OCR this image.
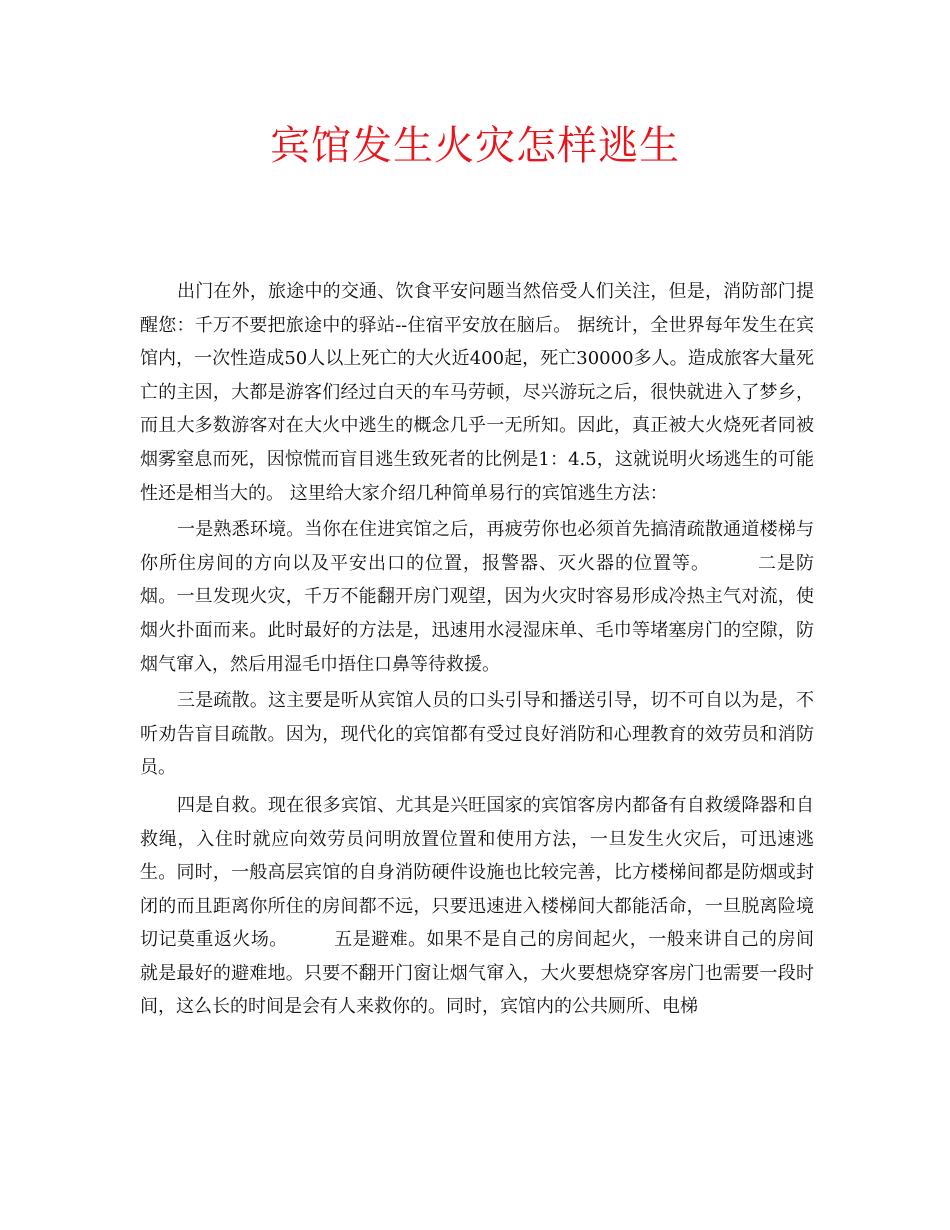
宾馆发生火灾怎样逃生

出门在外，旅途中的交通、饮食平安问题当然倍受人们关注，但是，消防部门提醒您：千万不要把旅途中的驿站--住宿平安放在脑后。 据统计，全世界每年发生在宾馆内，一次性造成50人以上死亡的大火近400起，死亡30000多人。造成旅客大量死亡的主因，大都是游客们经过白天的车马劳顿，尽兴游玩之后，很快就进入了梦乡，而且大多数游客对在大火中逃生的概念几乎一无所知。因此，真正被大火烧死者同被烟雾窒息而死，因惊慌而盲目逃生致死者的比例是1：4.5，这就说明火场逃生的可能性还是相当大的。 这里给大家介绍几种简单易行的宾馆逃生方法：

一是熟悉环境。当你在住进宾馆之后，再疲劳你也必须首先搞清疏散通道楼梯与你所住房间的方向以及平安出口的位置，报警器、灭火器的位置等。　　　二是防烟。一旦发现火灾，千万不能翻开房门观望，因为火灾时容易形成冷热主气对流，使烟火扑面而来。此时最好的方法是，迅速用水浸湿床单、毛巾等堵塞房门的空隙，防烟气窜入，然后用湿毛巾捂住口鼻等待救援。

三是疏散。这主要是听从宾馆人员的口头引导和播送引导，切不可自以为是，不听劝告盲目疏散。因为，现代化的宾馆都有受过良好消防和心理教育的效劳员和消防员。

四是自救。现在很多宾馆、尤其是兴旺国家的宾馆客房内都备有自救缓降器和自救绳，入住时就应向效劳员问明放置位置和使用方法，一旦发生火灾后，可迅速逃生。同时，一般高层宾馆的自身消防硬件设施也比较完善，比方楼梯间都是防烟或封闭的而且距离你所住的房间都不远，只要迅速进入楼梯间大都能活命，一旦脱离险境切记莫重返火场。　　　五是避难。如果不是自己的房间起火，一般来讲自己的房间就是最好的避难地。只要不翻开门窗让烟气窜入，大火要想烧穿客房门也需要一段时间，这么长的时间是会有人来救你的。同时，宾馆内的公共厕所、电梯
